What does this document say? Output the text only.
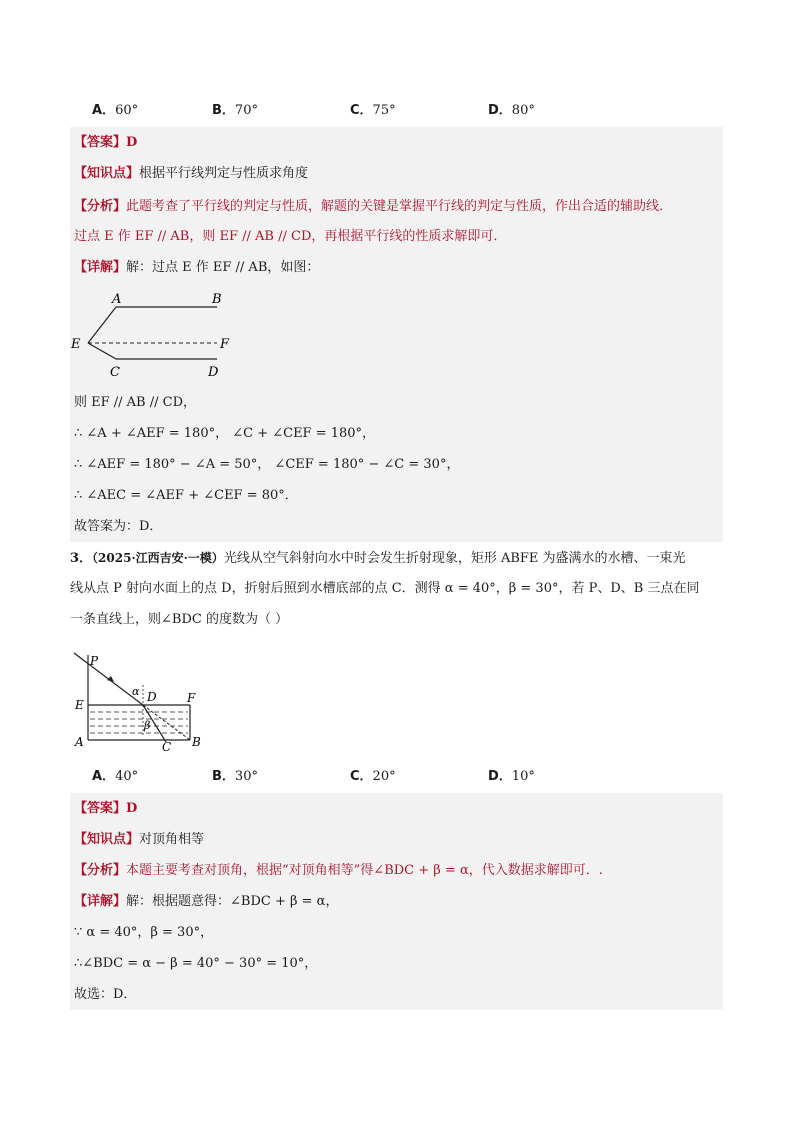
A．60°	B．70°	C．75°	D．80°
【答案】D
【知识点】根据平行线判定与性质求角度
【分析】此题考查了平行线的判定与性质，解题的关键是掌握平行线的判定与性质，作出合适的辅助线．
过点 E 作 EF // AB，则 EF // AB // CD，再根据平行线的性质求解即可．
【详解】解：过点 E 作 EF // AB，如图：
A	B
E	F
C	D
则 EF // AB // CD，
∴ ∠A + ∠AEF = 180°， ∠C + ∠CEF = 180°，
∴ ∠AEF = 180° − ∠A = 50°， ∠CEF = 180° − ∠C = 30°，
∴ ∠AEC = ∠AEF + ∠CEF = 80°．
故答案为：D．
3．（2025·江西吉安·一模）光线从空气斜射向水中时会发生折射现象，矩形 ABFE 为盛满水的水槽、一束光
线从点 P 射向水面上的点 D，折射后照到水槽底部的点 C．测得 α = 40°，β = 30°，若 P、D、B 三点在同
一条直线上，则∠BDC 的度数为（ ）
P
E
A
F
B
C
D
α
β
A．40°	B．30°	C．20°	D．10°
【答案】D
【知识点】对顶角相等
【分析】本题主要考查对顶角，根据“对顶角相等”得∠BDC + β = α，代入数据求解即可．.
【详解】解：根据题意得：∠BDC + β = α，
∵ α = 40°，β = 30°，
∴∠BDC = α − β = 40° − 30° = 10°，
故选：D．
